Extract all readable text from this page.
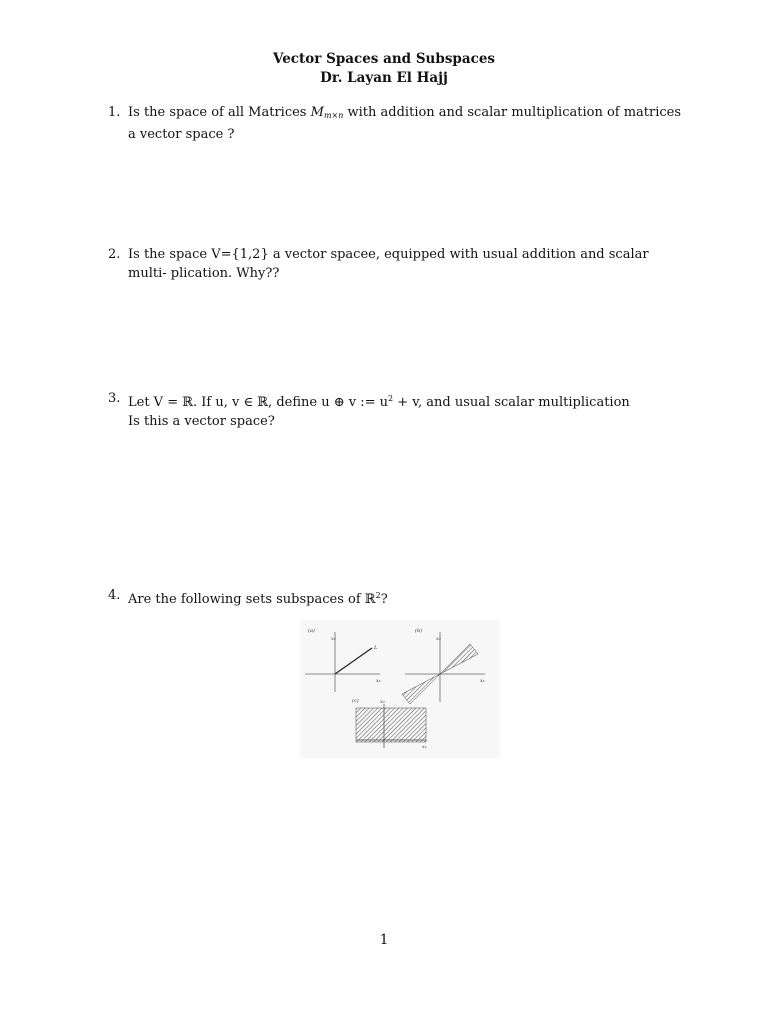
Vector Spaces and Subspaces
Dr. Layan El Hajj
1. Is the space of all Matrices $M_{m\times n}$ with addition and scalar multiplication of matrices a vector space ?
2. Is the space V={1,2} a vector spacee, equipped with usual addition and scalar multi- plication. Why??
3. Let V = ℝ. If u, v ∈ ℝ, define u ⊕ v := $u^2 + v$, and usual scalar multiplication
Is this a vector space?
4. Are the following sets subspaces of ℝ$^2$?
(a)
x₂
x₁
L
(b)
x₂
x₁
(c)	x₂
x₁
1
